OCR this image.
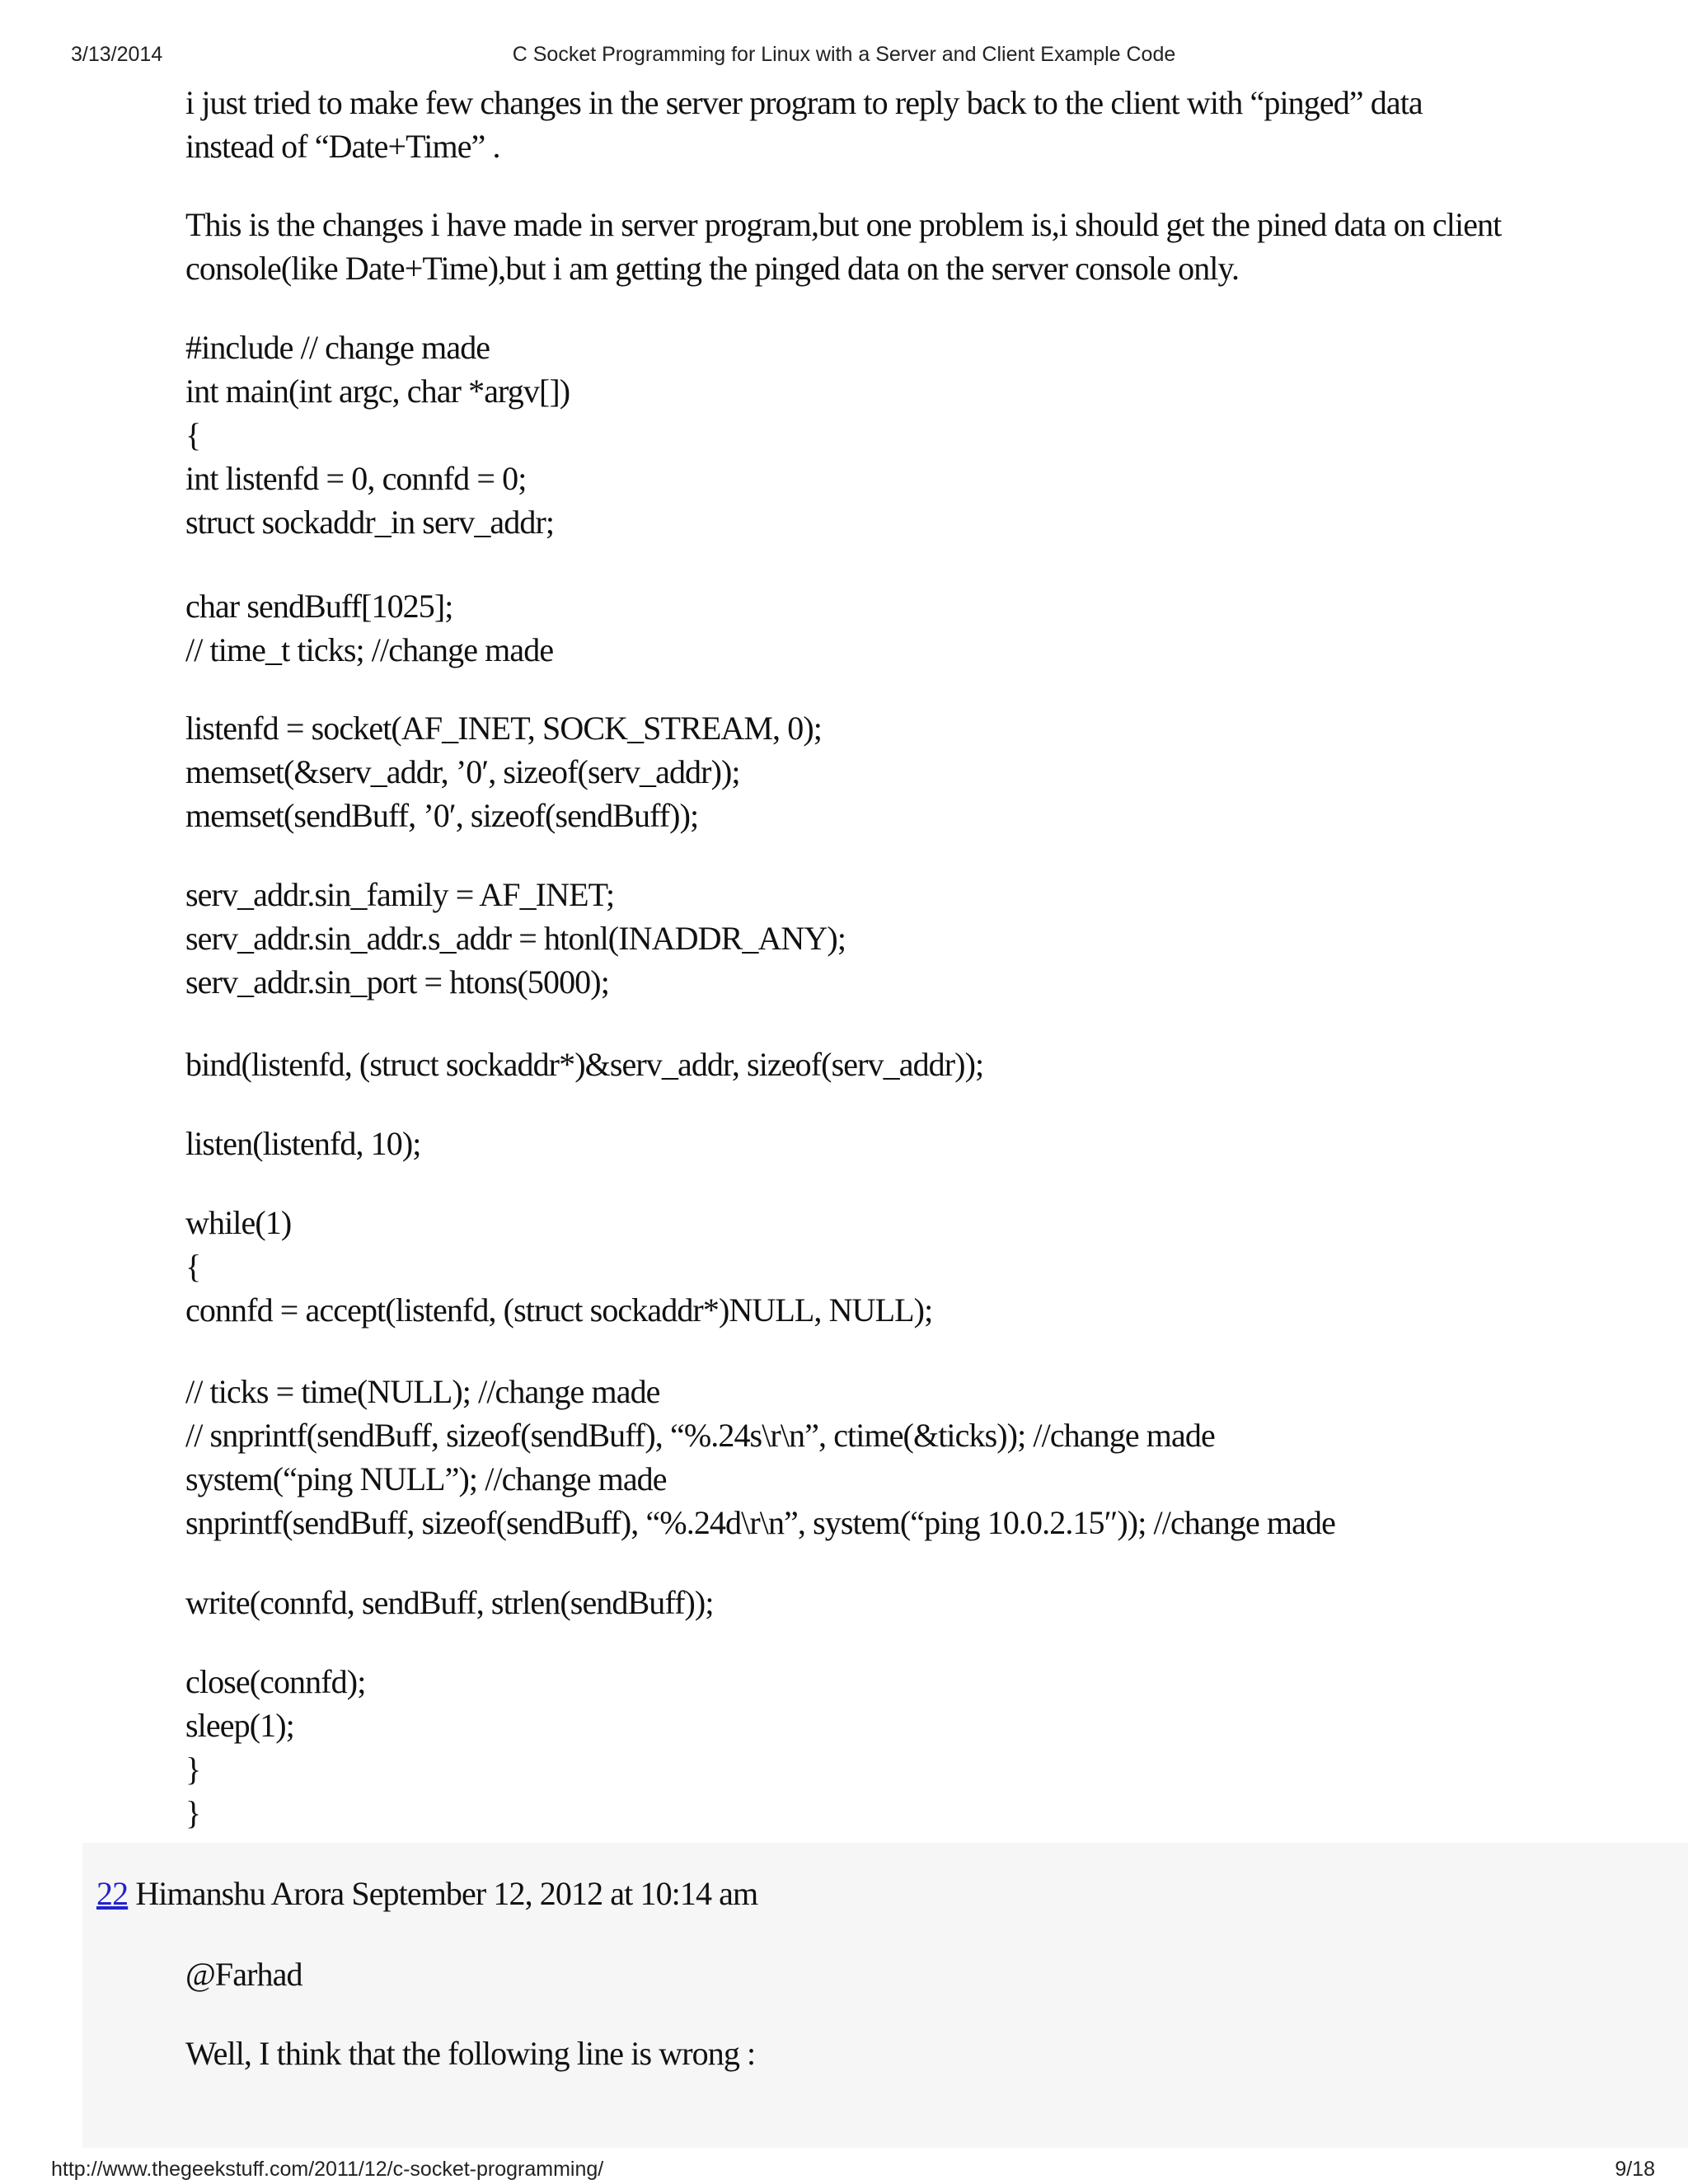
3/13/2014	C Socket Programming for Linux with a Server and Client Example Code
i just tried to make few changes in the server program to reply back to the client with “pinged” data
instead of “Date+Time” .
This is the changes i have made in server program,but one problem is,i should get the pined data on client
console(like Date+Time),but i am getting the pinged data on the server console only.
#include // change made
int main(int argc, char *argv[])
{
int listenfd = 0, connfd = 0;
struct sockaddr_in serv_addr;
char sendBuff[1025];
// time_t ticks; //change made
listenfd = socket(AF_INET, SOCK_STREAM, 0);
memset(&serv_addr, ’0′, sizeof(serv_addr));
memset(sendBuff, ’0′, sizeof(sendBuff));
serv_addr.sin_family = AF_INET;
serv_addr.sin_addr.s_addr = htonl(INADDR_ANY);
serv_addr.sin_port = htons(5000);
bind(listenfd, (struct sockaddr*)&serv_addr, sizeof(serv_addr));
listen(listenfd, 10);
while(1)
{
connfd = accept(listenfd, (struct sockaddr*)NULL, NULL);
// ticks = time(NULL); //change made
// snprintf(sendBuff, sizeof(sendBuff), “%.24s\r\n”, ctime(&ticks)); //change made
system(“ping NULL”); //change made
snprintf(sendBuff, sizeof(sendBuff), “%.24d\r\n”, system(“ping 10.0.2.15″)); //change made
write(connfd, sendBuff, strlen(sendBuff));
close(connfd);
sleep(1);
}
}
22 Himanshu Arora September 12, 2012 at 10:14 am
@Farhad
Well, I think that the following line is wrong :
http://www.thegeekstuff.com/2011/12/c-socket-programming/	9/18
